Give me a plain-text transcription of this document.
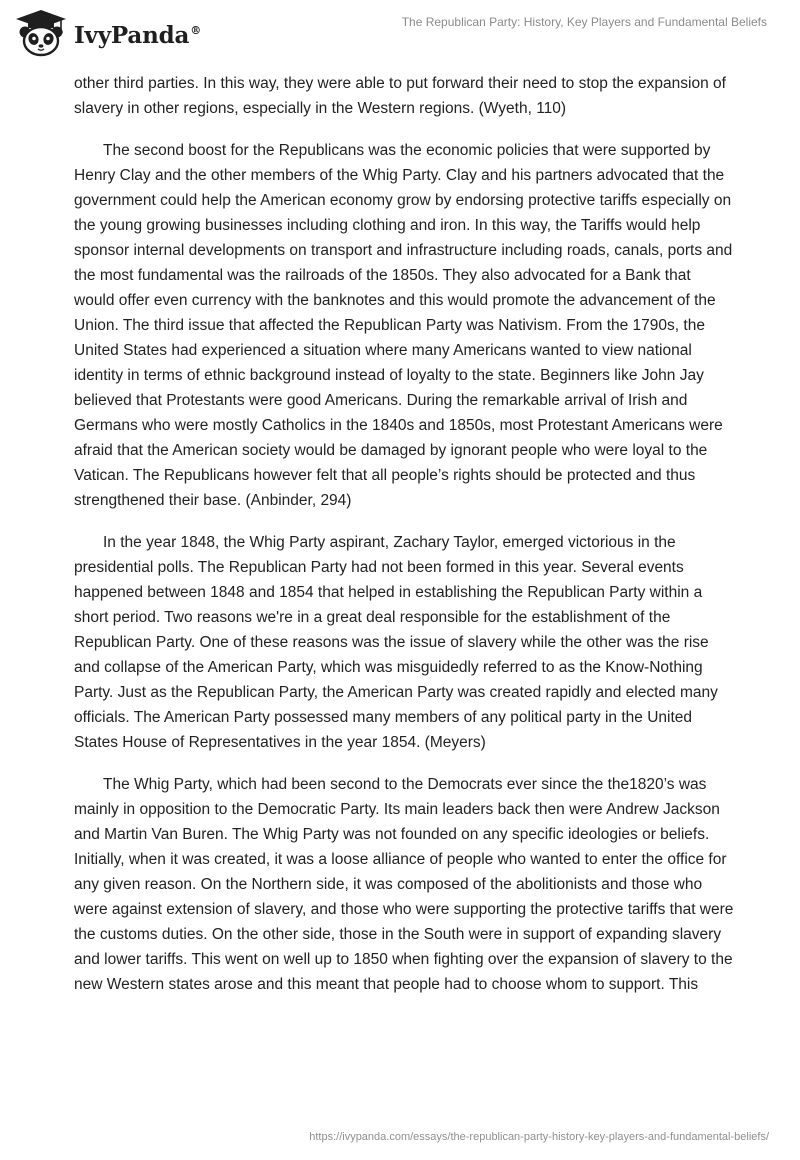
IvyPanda®
The Republican Party: History, Key Players and Fundamental Beliefs

other third parties. In this way, they were able to put forward their need to stop the expansion of slavery in other regions, especially in the Western regions. (Wyeth, 110)

The second boost for the Republicans was the economic policies that were supported by Henry Clay and the other members of the Whig Party. Clay and his partners advocated that the government could help the American economy grow by endorsing protective tariffs especially on the young growing businesses including clothing and iron. In this way, the Tariffs would help sponsor internal developments on transport and infrastructure including roads, canals, ports and the most fundamental was the railroads of the 1850s. They also advocated for a Bank that would offer even currency with the banknotes and this would promote the advancement of the Union. The third issue that affected the Republican Party was Nativism. From the 1790s, the United States had experienced a situation where many Americans wanted to view national identity in terms of ethnic background instead of loyalty to the state. Beginners like John Jay believed that Protestants were good Americans. During the remarkable arrival of Irish and Germans who were mostly Catholics in the 1840s and 1850s, most Protestant Americans were afraid that the American society would be damaged by ignorant people who were loyal to the Vatican. The Republicans however felt that all people’s rights should be protected and thus strengthened their base. (Anbinder, 294)

In the year 1848, the Whig Party aspirant, Zachary Taylor, emerged victorious in the presidential polls. The Republican Party had not been formed in this year. Several events happened between 1848 and 1854 that helped in establishing the Republican Party within a short period. Two reasons we're in a great deal responsible for the establishment of the Republican Party. One of these reasons was the issue of slavery while the other was the rise and collapse of the American Party, which was misguidedly referred to as the Know-Nothing Party. Just as the Republican Party, the American Party was created rapidly and elected many officials. The American Party possessed many members of any political party in the United States House of Representatives in the year 1854. (Meyers)

The Whig Party, which had been second to the Democrats ever since the the1820’s was mainly in opposition to the Democratic Party. Its main leaders back then were Andrew Jackson and Martin Van Buren. The Whig Party was not founded on any specific ideologies or beliefs. Initially, when it was created, it was a loose alliance of people who wanted to enter the office for any given reason. On the Northern side, it was composed of the abolitionists and those who were against extension of slavery, and those who were supporting the protective tariffs that were the customs duties. On the other side, those in the South were in support of expanding slavery and lower tariffs. This went on well up to 1850 when fighting over the expansion of slavery to the new Western states arose and this meant that people had to choose whom to support. This

https://ivypanda.com/essays/the-republican-party-history-key-players-and-fundamental-beliefs/
